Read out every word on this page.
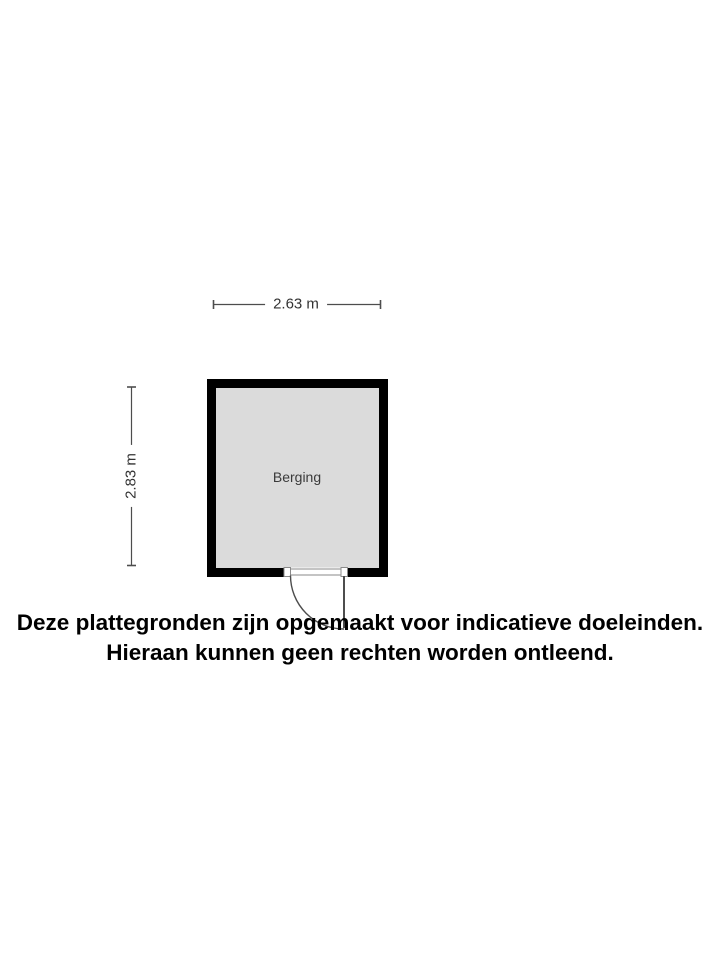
2.63 m
2.83 m	Berging
Deze plattegronden zijn opgemaakt voor indicatieve doeleinden.
Hieraan kunnen geen rechten worden ontleend.
